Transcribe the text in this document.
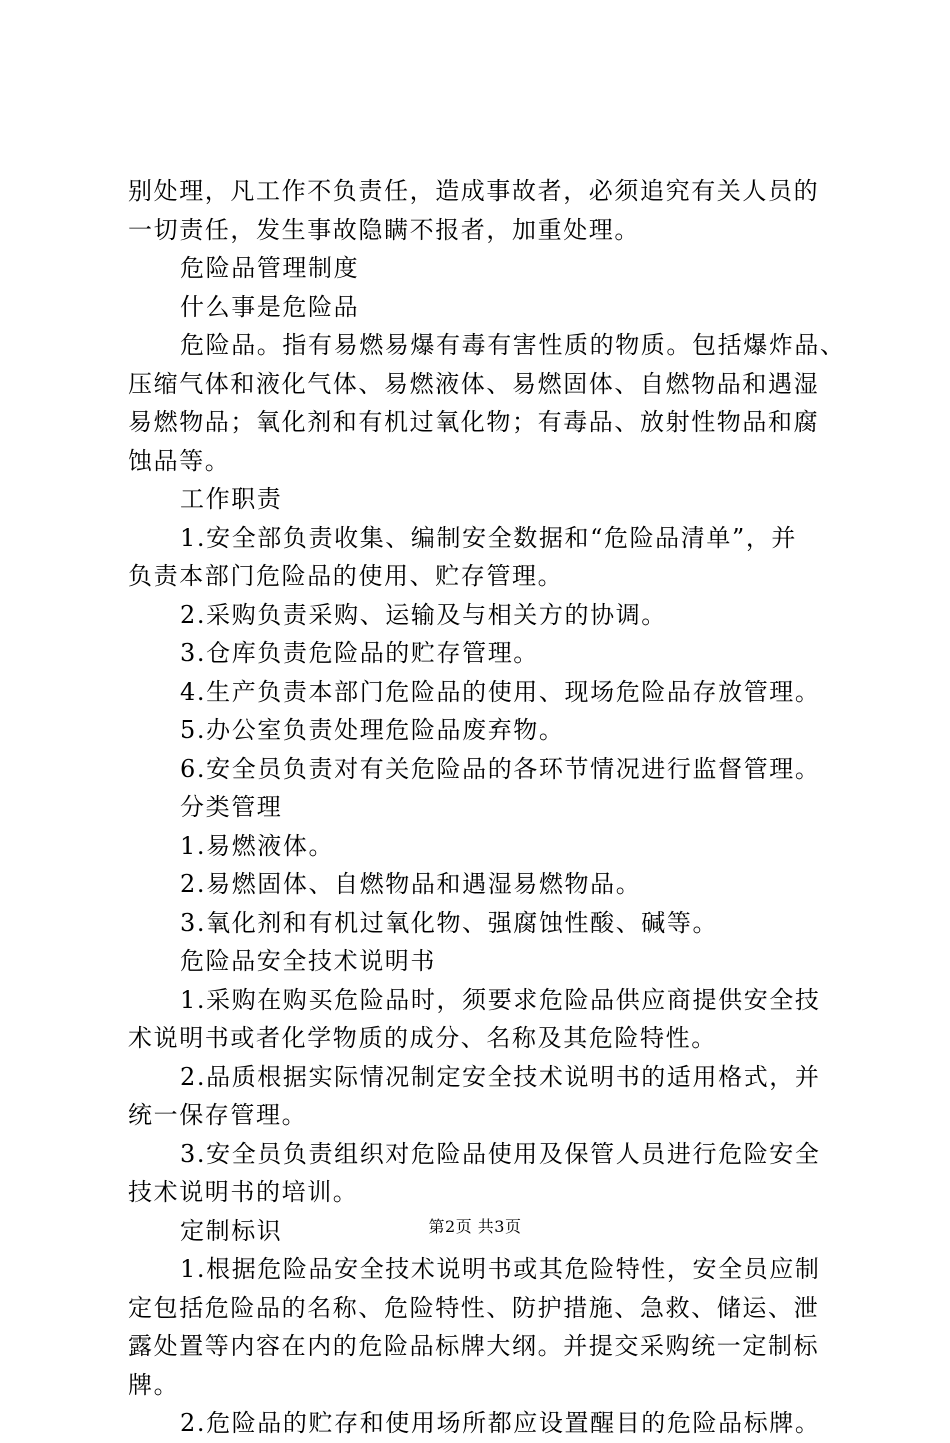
别处理，凡工作不负责任，造成事故者，必须追究有关人员的
一切责任，发生事故隐瞒不报者，加重处理。
危险品管理制度
什么事是危险品
危险品。指有易燃易爆有毒有害性质的物质。包括爆炸品、
压缩气体和液化气体、易燃液体、易燃固体、自燃物品和遇湿
易燃物品；氧化剂和有机过氧化物；有毒品、放射性物品和腐
蚀品等。
工作职责
1.安全部负责收集、编制安全数据和“危险品清单”，并
负责本部门危险品的使用、贮存管理。
2.采购负责采购、运输及与相关方的协调。
3.仓库负责危险品的贮存管理。
4.生产负责本部门危险品的使用、现场危险品存放管理。
5.办公室负责处理危险品废弃物。
6.安全员负责对有关危险品的各环节情况进行监督管理。
分类管理
1.易燃液体。
2.易燃固体、自燃物品和遇湿易燃物品。
3.氧化剂和有机过氧化物、强腐蚀性酸、碱等。
危险品安全技术说明书
1.采购在购买危险品时，须要求危险品供应商提供安全技
术说明书或者化学物质的成分、名称及其危险特性。
2.品质根据实际情况制定安全技术说明书的适用格式，并
统一保存管理。
3.安全员负责组织对危险品使用及保管人员进行危险安全
技术说明书的培训。
定制标识
1.根据危险品安全技术说明书或其危险特性，安全员应制
定包括危险品的名称、危险特性、防护措施、急救、储运、泄
露处置等内容在内的危险品标牌大纲。并提交采购统一定制标
牌。
2.危险品的贮存和使用场所都应设置醒目的危险品标牌。
第2页 共3页
